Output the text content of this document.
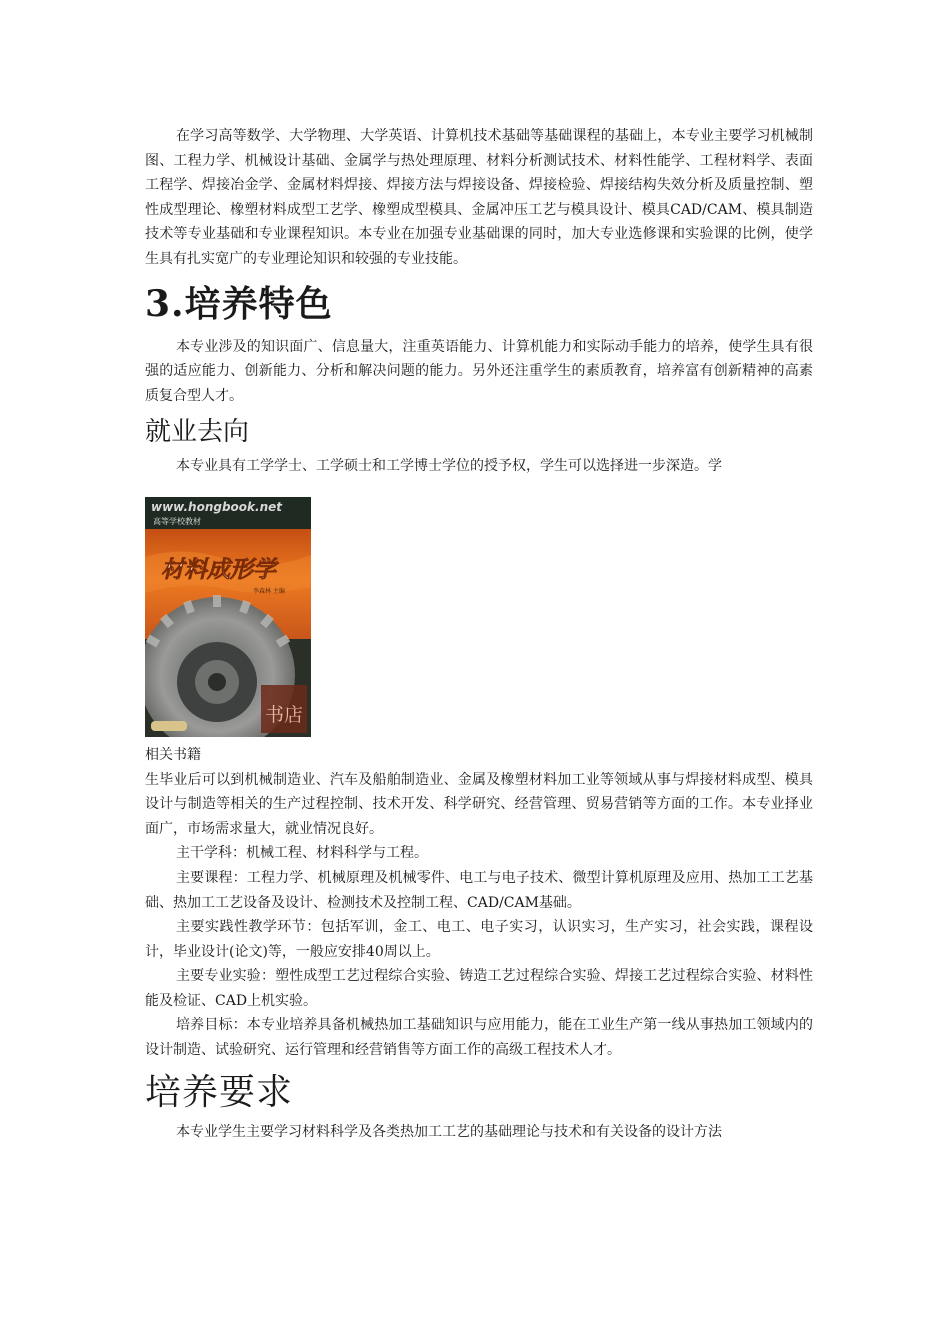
在学习高等数学、大学物理、大学英语、计算机技术基础等基础课程的基础上，本专业主要学习机械制图、工程力学、机械设计基础、金属学与热处理原理、材料分析测试技术、材料性能学、工程材料学、表面工程学、焊接冶金学、金属材料焊接、焊接方法与焊接设备、焊接检验、焊接结构失效分析及质量控制、塑性成型理论、橡塑材料成型工艺学、橡塑成型模具、金属冲压工艺与模具设计、模具CAD/CAM、模具制造技术等专业基础和专业课程知识。本专业在加强专业基础课的同时，加大专业选修课和实验课的比例，使学生具有扎实宽广的专业理论知识和较强的专业技能。

3.培养特色

本专业涉及的知识面广、信息量大，注重英语能力、计算机能力和实际动手能力的培养，使学生具有很强的适应能力、创新能力、分析和解决问题的能力。另外还注重学生的素质教育，培养富有创新精神的高素质复合型人才。

就业去向

本专业具有工学学士、工学硕士和工学博士学位的授予权，学生可以选择进一步深造。学

www.hongbook.net
高等学校教材
材料成形学
李森林 主编
书店

相关书籍

生毕业后可以到机械制造业、汽车及船舶制造业、金属及橡塑材料加工业等领域从事与焊接材料成型、模具设计与制造等相关的生产过程控制、技术开发、科学研究、经营管理、贸易营销等方面的工作。本专业择业面广，市场需求量大，就业情况良好。

主干学科：机械工程、材料科学与工程。

主要课程：工程力学、机械原理及机械零件、电工与电子技术、微型计算机原理及应用、热加工工艺基础、热加工工艺设备及设计、检测技术及控制工程、CAD/CAM基础。

主要实践性教学环节：包括军训，金工、电工、电子实习，认识实习，生产实习，社会实践，课程设计，毕业设计(论文)等，一般应安排40周以上。

主要专业实验：塑性成型工艺过程综合实验、铸造工艺过程综合实验、焊接工艺过程综合实验、材料性能及检证、CAD上机实验。

培养目标：本专业培养具备机械热加工基础知识与应用能力，能在工业生产第一线从事热加工领域内的设计制造、试验研究、运行管理和经营销售等方面工作的高级工程技术人才。

培养要求

本专业学生主要学习材料科学及各类热加工工艺的基础理论与技术和有关设备的设计方法
